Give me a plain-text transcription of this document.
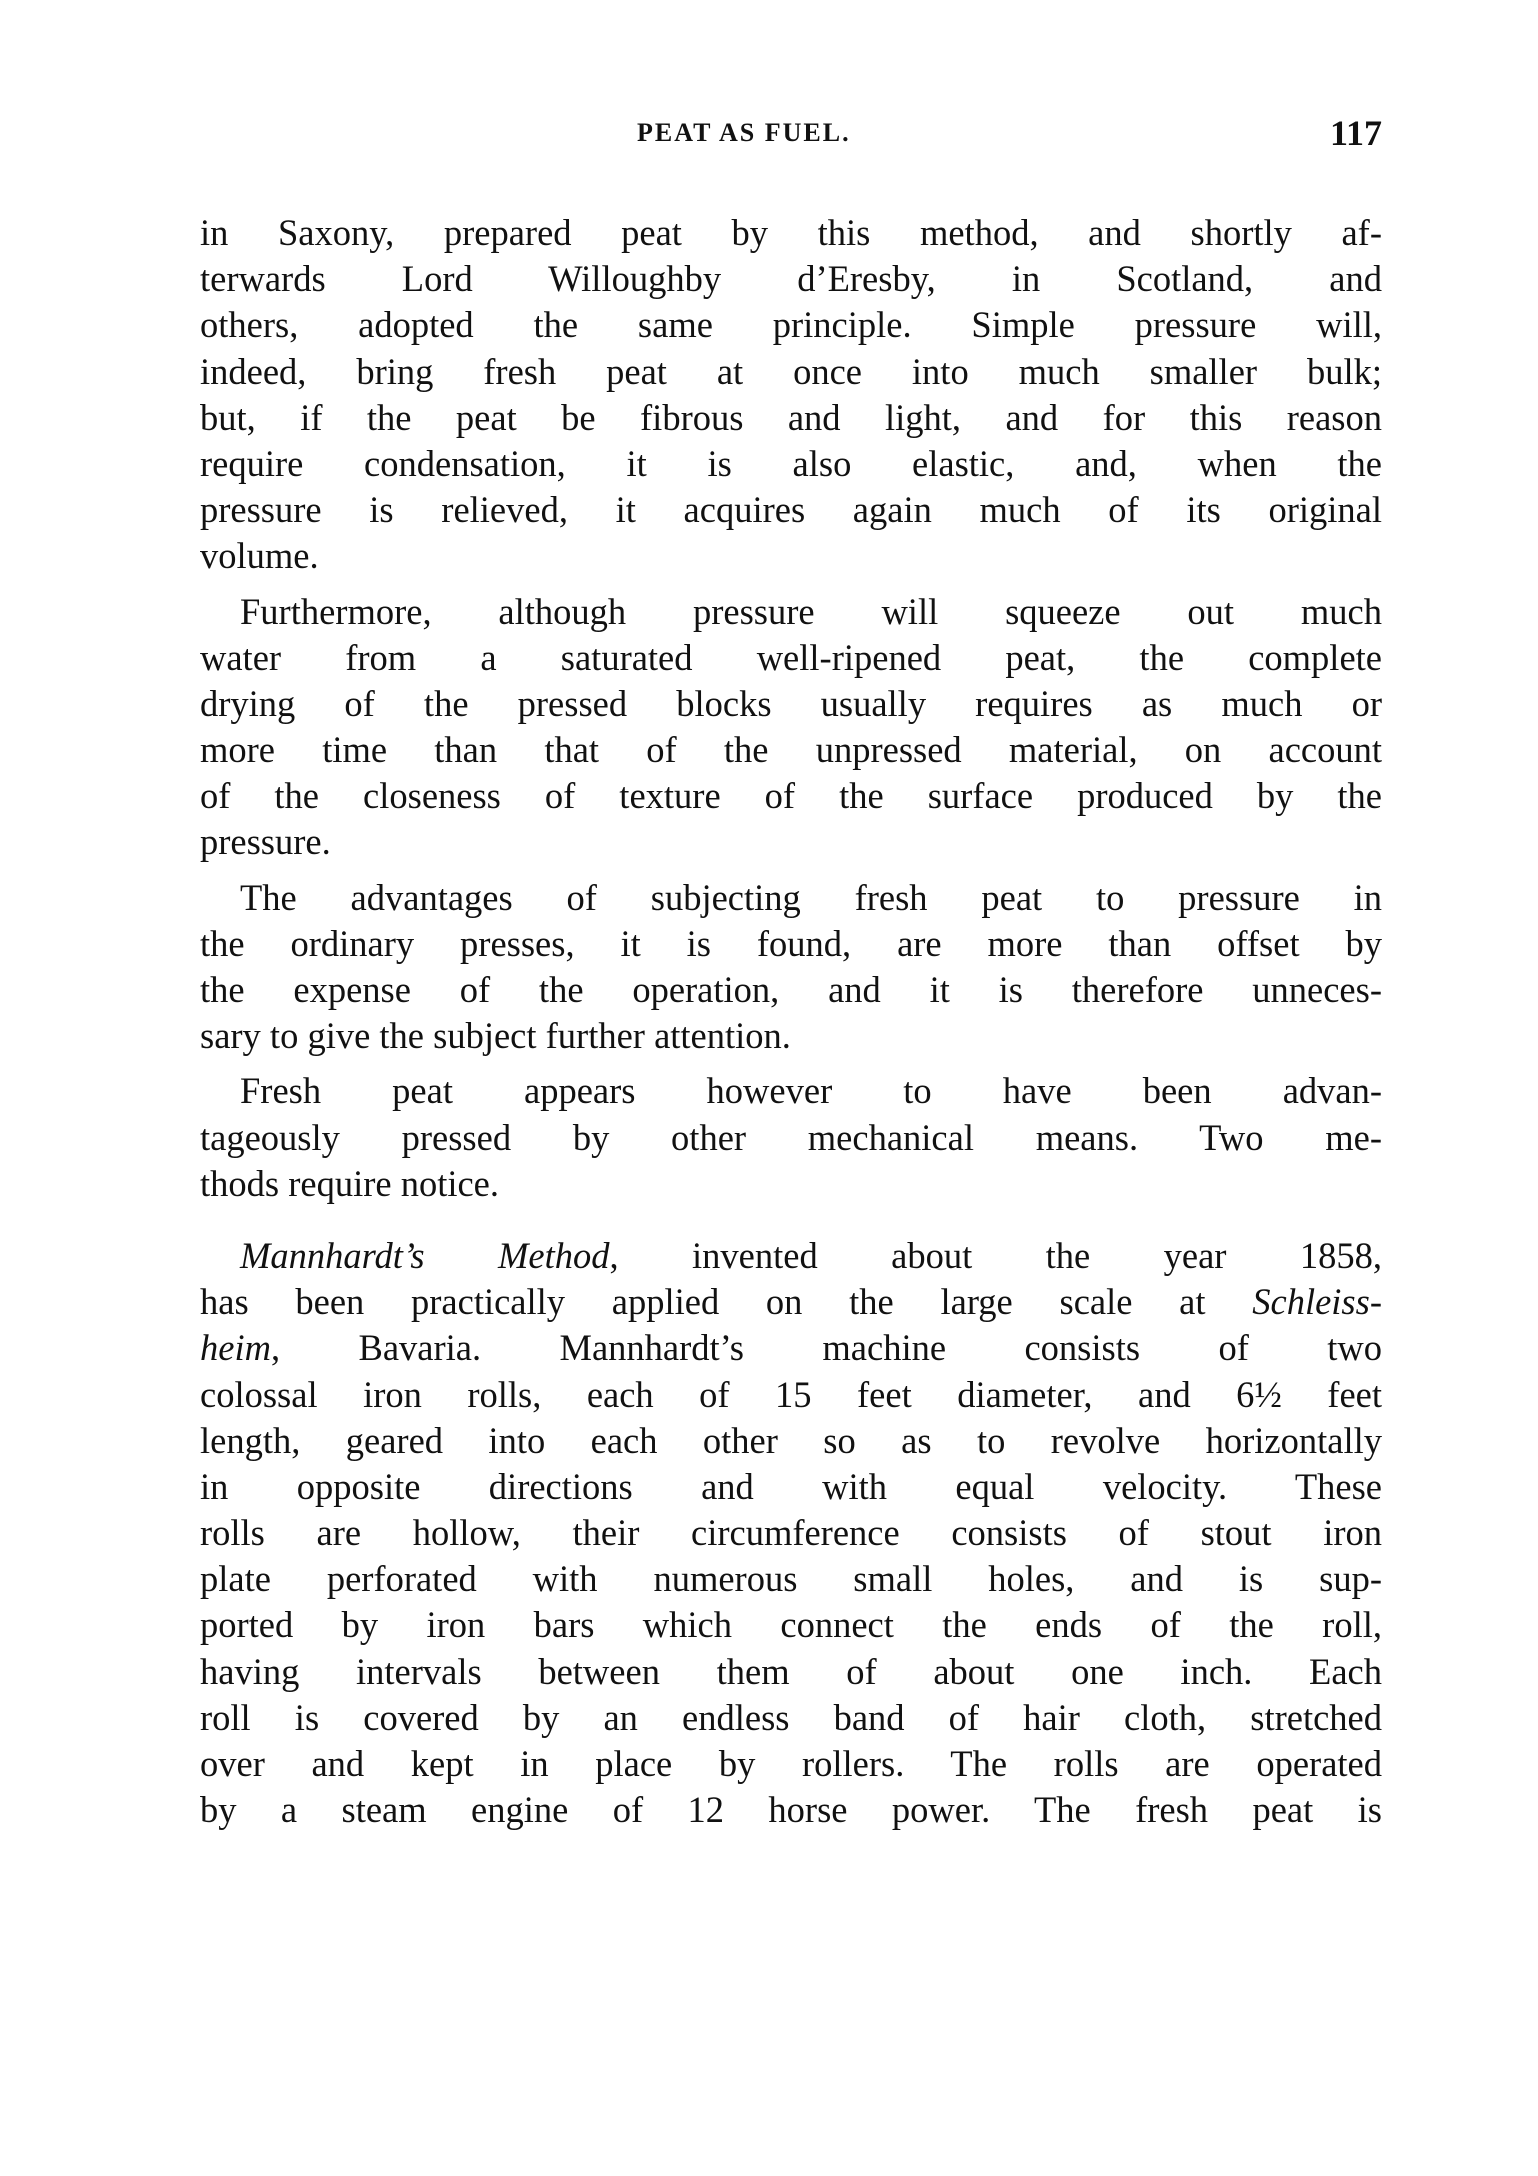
PEAT AS FUEL.	117
in Saxony, prepared peat by this method, and shortly af-
terwards Lord Willoughby d’Eresby, in Scotland, and
others, adopted the same principle. Simple pressure will,
indeed, bring fresh peat at once into much smaller bulk;
but, if the peat be fibrous and light, and for this reason
require condensation, it is also elastic, and, when the
pressure is relieved, it acquires again much of its original
volume.
Furthermore, although pressure will squeeze out much
water from a saturated well-ripened peat, the complete
drying of the pressed blocks usually requires as much or
more time than that of the unpressed material, on account
of the closeness of texture of the surface produced by the
pressure.
The advantages of subjecting fresh peat to pressure in
the ordinary presses, it is found, are more than offset by
the expense of the operation, and it is therefore unneces-
sary to give the subject further attention.
Fresh peat appears however to have been advan-
tageously pressed by other mechanical means. Two me-
thods require notice.
Mannhardt’s Method, invented about the year 1858,
has been practically applied on the large scale at Schleiss-
heim, Bavaria. Mannhardt’s machine consists of two
colossal iron rolls, each of 15 feet diameter, and 6½ feet
length, geared into each other so as to revolve horizontally
in opposite directions and with equal velocity. These
rolls are hollow, their circumference consists of stout iron
plate perforated with numerous small holes, and is sup-
ported by iron bars which connect the ends of the roll,
having intervals between them of about one inch. Each
roll is covered by an endless band of hair cloth, stretched
over and kept in place by rollers. The rolls are operated
by a steam engine of 12 horse power. The fresh peat is
